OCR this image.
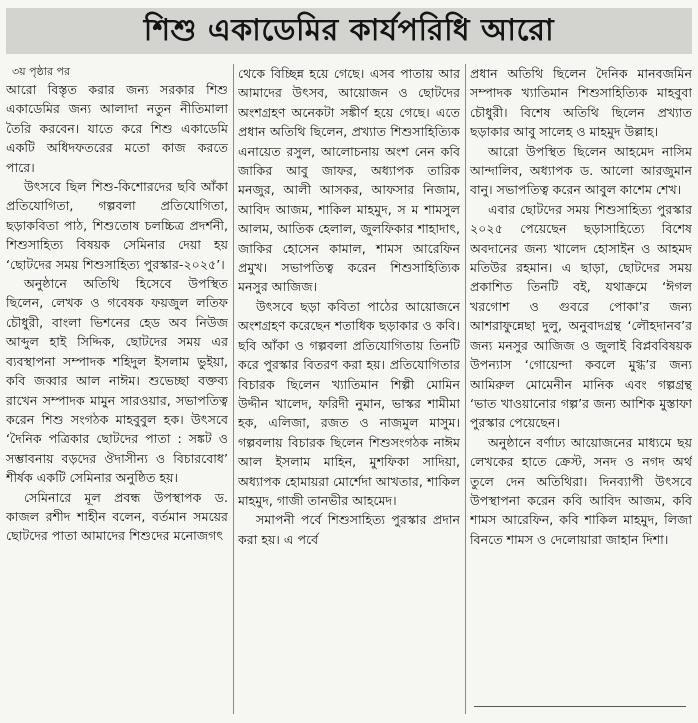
শিশু একাডেমির কার্যপরিধি আরো
৩য় পৃষ্ঠার পর

আরো বিস্তৃত করার জন্য সরকার শিশু একাডেমির জন্য আলাদা নতুন নীতিমালা তৈরি করবেন। যাতে করে শিশু একাডেমি একটি অধিদফতরের মতো কাজ করতে পারে।

উৎসবে ছিল শিশু-কিশোরদের ছবি আঁকা প্রতিযোগিতা, গল্পবলা প্রতিযোগিতা, ছড়াকবিতা পাঠ, শিশুতোষ চলচ্চিত্র প্রদর্শনী, শিশুসাহিত্য বিষয়ক সেমিনার দেয়া হয় ‘ছোটদের সময় শিশুসাহিত্য পুরস্কার-২০২৫’।

অনুষ্ঠানে অতিথি হিসেবে উপস্থিত ছিলেন, লেখক ও গবেষক ফয়জুল লতিফ চৌধুরী, বাংলা ভিশনের হেড অব নিউজ আব্দুল হাই সিদ্দিক, ছোটদের সময় এর ব্যবস্থাপনা সম্পাদক শহিদুল ইসলাম ভুইয়া, কবি জব্বার আল নাঈম। শুভেচ্ছা বক্তব্য রাখেন সম্পাদক মামুন সারওয়ার, সভাপতিত্ব করেন শিশু সংগঠক মাহবুবুল হক। উৎসবে ‘দৈনিক পত্রিকার ছোটদের পাতা : সঙ্কট ও সম্ভাবনায় বড়দের ঔদাসীন্য ও বিচারবোধ’ শীর্ষক একটি সেমিনার অনুষ্ঠিত হয়।

সেমিনারে মূল প্রবন্ধ উপস্থাপক ড. কাজল রশীদ শাহীন বলেন, বর্তমান সময়ের ছোটদের পাতা আমাদের শিশুদের মনোজগৎ

থেকে বিচ্ছিন্ন হয়ে গেছে। এসব পাতায় আর আমাদের উৎসব, আয়োজন ও ছোটদের অংশগ্রহণ অনেকটা সঙ্কীর্ণ হয়ে গেছে। এতে প্রধান অতিথি ছিলেন, প্রখ্যাত শিশুসাহিত্যিক এনায়েত রসুল, আলোচনায় অংশ নেন কবি জাকির আবু জাফর, অধ্যাপক তারিক মনজুর, আলী আসকর, আফসার নিজাম, আবিদ আজম, শাকিল মাহমুদ, স ম শামসুল আলম, আতিক হেলাল, জুলফিকার শাহাদাৎ, জাকির হোসেন কামাল, শামস আরেফিন প্রমুখ। সভাপতিত্ব করেন শিশুসাহিত্যিক মনসুর আজিজ।

উৎসবে ছড়া কবিতা পাঠের আয়োজনে অংশগ্রহণ করেছেন শতাধিক ছড়াকার ও কবি। ছবি আঁকা ও গল্পবলা প্রতিযোগিতায় তিনটি করে পুরস্কার বিতরণ করা হয়। প্রতিযোগিতার বিচারক ছিলেন খ্যাতিমান শিল্পী মোমিন উদ্দীন খালেদ, ফরিদী নুমান, ভাস্কর শামীমা হক, এলিজা, রজত ও নাজমুল মাসুম। গল্পবলায় বিচারক ছিলেন শিশুসংগঠক নাঈম আল ইসলাম মাহিন, মুশফিকা সাদিয়া, অধ্যাপক হোমায়রা মোর্শেদা আখতার, শাকিল মাহমুদ, গাজী তানভীর আহমেদ।

সমাপনী পর্বে শিশুসাহিত্য পুরস্কার প্রদান করা হয়। এ পর্বে

প্রধান অতিথি ছিলেন দৈনিক মানবজমিন সম্পাদক খ্যাতিমান শিশুসাহিত্যিক মাহবুবা চৌধুরী। বিশেষ অতিথি ছিলেন প্রখ্যাত ছড়াকার আবু সালেহ ও মাহমুদ উল্লাহ।

আরো উপস্থিত ছিলেন আহমেদ নাসিম আন্দালিব, অধ্যাপক ড. আলো আরজুমান বানু। সভাপতিত্ব করেন আবুল কাশেম শেখ।

এবার ছোটদের সময় শিশুসাহিত্য পুরস্কার ২০২৫ পেয়েছেন ছড়াসাহিত্যে বিশেষ অবদানের জন্য খালেদ হোসাইন ও আহমদ মতিউর রহমান। এ ছাড়া, ছোটদের সময় প্রকাশিত তিনটি বই, যথাক্রমে ‘ঈগল খরগোশ ও গুবরে পোকা’র জন্য আশরাফুন্নেছা দুলু, অনুবাদগ্রন্থ ‘লৌহদানব’র জন্য মনসুর আজিজ ও জুলাই বিপ্লববিষয়ক উপন্যাস ‘গোয়েন্দা কবলে মুগ্ধ’র জন্য আমিরুল মোমেনীন মানিক এবং গল্পগ্রন্থ ‘ভাত খাওয়ানোর গল্প’র জন্য আশিক মুস্তাফা পুরস্কার পেয়েছেন।

অনুষ্ঠানে বর্ণাঢ্য আয়োজনের মাধ্যমে ছয় লেখকের হাতে ক্রেস্ট, সনদ ও নগদ অর্থ তুলে দেন অতিথিরা। দিনব্যাপী উৎসবে উপস্থাপনা করেন কবি আবিদ আজম, কবি শামস আরেফিন, কবি শাকিল মাহমুদ, লিজা বিনতে শামস ও দেলোয়ারা জাহান দিশা।
